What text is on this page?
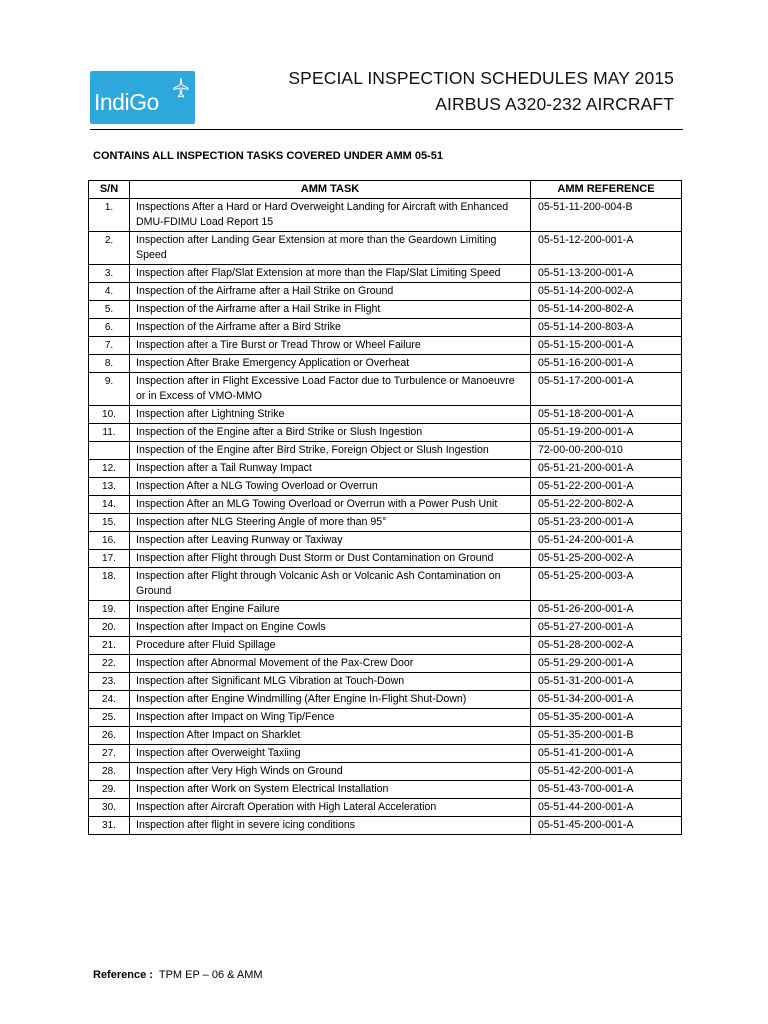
IndiGo
SPECIAL INSPECTION SCHEDULES MAY 2015
AIRBUS A320-232 AIRCRAFT
CONTAINS ALL INSPECTION TASKS COVERED UNDER AMM 05-51
S/N	AMM TASK	AMM REFERENCE
1.	Inspections After a Hard or Hard Overweight Landing for Aircraft with Enhanced DMU-FDIMU Load Report 15	05-51-11-200-004-B
2.	Inspection after Landing Gear Extension at more than the Geardown Limiting Speed	05-51-12-200-001-A
3.	Inspection after Flap/Slat Extension at more than the Flap/Slat Limiting Speed	05-51-13-200-001-A
4.	Inspection of the Airframe after a Hail Strike on Ground	05-51-14-200-002-A
5.	Inspection of the Airframe after a Hail Strike in Flight	05-51-14-200-802-A
6.	Inspection of the Airframe after a Bird Strike	05-51-14-200-803-A
7.	Inspection after a Tire Burst or Tread Throw or Wheel Failure	05-51-15-200-001-A
8.	Inspection After Brake Emergency Application or Overheat	05-51-16-200-001-A
9.	Inspection after in Flight Excessive Load Factor due to Turbulence or Manoeuvre or in Excess of VMO-MMO	05-51-17-200-001-A
10.	Inspection after Lightning Strike	05-51-18-200-001-A
11.	Inspection of the Engine after a Bird Strike or Slush Ingestion	05-51-19-200-001-A
	Inspection of the Engine after Bird Strike, Foreign Object or Slush Ingestion	72-00-00-200-010
12.	Inspection after a Tail Runway Impact	05-51-21-200-001-A
13.	Inspection After a NLG Towing Overload or Overrun	05-51-22-200-001-A
14.	Inspection After an MLG Towing Overload or Overrun with a Power Push Unit	05-51-22-200-802-A
15.	Inspection after NLG Steering Angle of more than 95°	05-51-23-200-001-A
16.	Inspection after Leaving Runway or Taxiway	05-51-24-200-001-A
17.	Inspection after Flight through Dust Storm or Dust Contamination on Ground	05-51-25-200-002-A
18.	Inspection after Flight through Volcanic Ash or Volcanic Ash Contamination on Ground	05-51-25-200-003-A
19.	Inspection after Engine Failure	05-51-26-200-001-A
20.	Inspection after Impact on Engine Cowls	05-51-27-200-001-A
21.	Procedure after Fluid Spillage	05-51-28-200-002-A
22.	Inspection after Abnormal Movement of the Pax-Crew Door	05-51-29-200-001-A
23.	Inspection after Significant MLG Vibration at Touch-Down	05-51-31-200-001-A
24.	Inspection after Engine Windmilling (After Engine In-Flight Shut-Down)	05-51-34-200-001-A
25.	Inspection after Impact on Wing Tip/Fence	05-51-35-200-001-A
26.	Inspection After Impact on Sharklet	05-51-35-200-001-B
27.	Inspection after Overweight Taxiing	05-51-41-200-001-A
28.	Inspection after Very High Winds on Ground	05-51-42-200-001-A
29.	Inspection after Work on System Electrical Installation	05-51-43-700-001-A
30.	Inspection after Aircraft Operation with High Lateral Acceleration	05-51-44-200-001-A
31.	Inspection after flight in severe icing conditions	05-51-45-200-001-A
Reference : TPM EP – 06 & AMM
